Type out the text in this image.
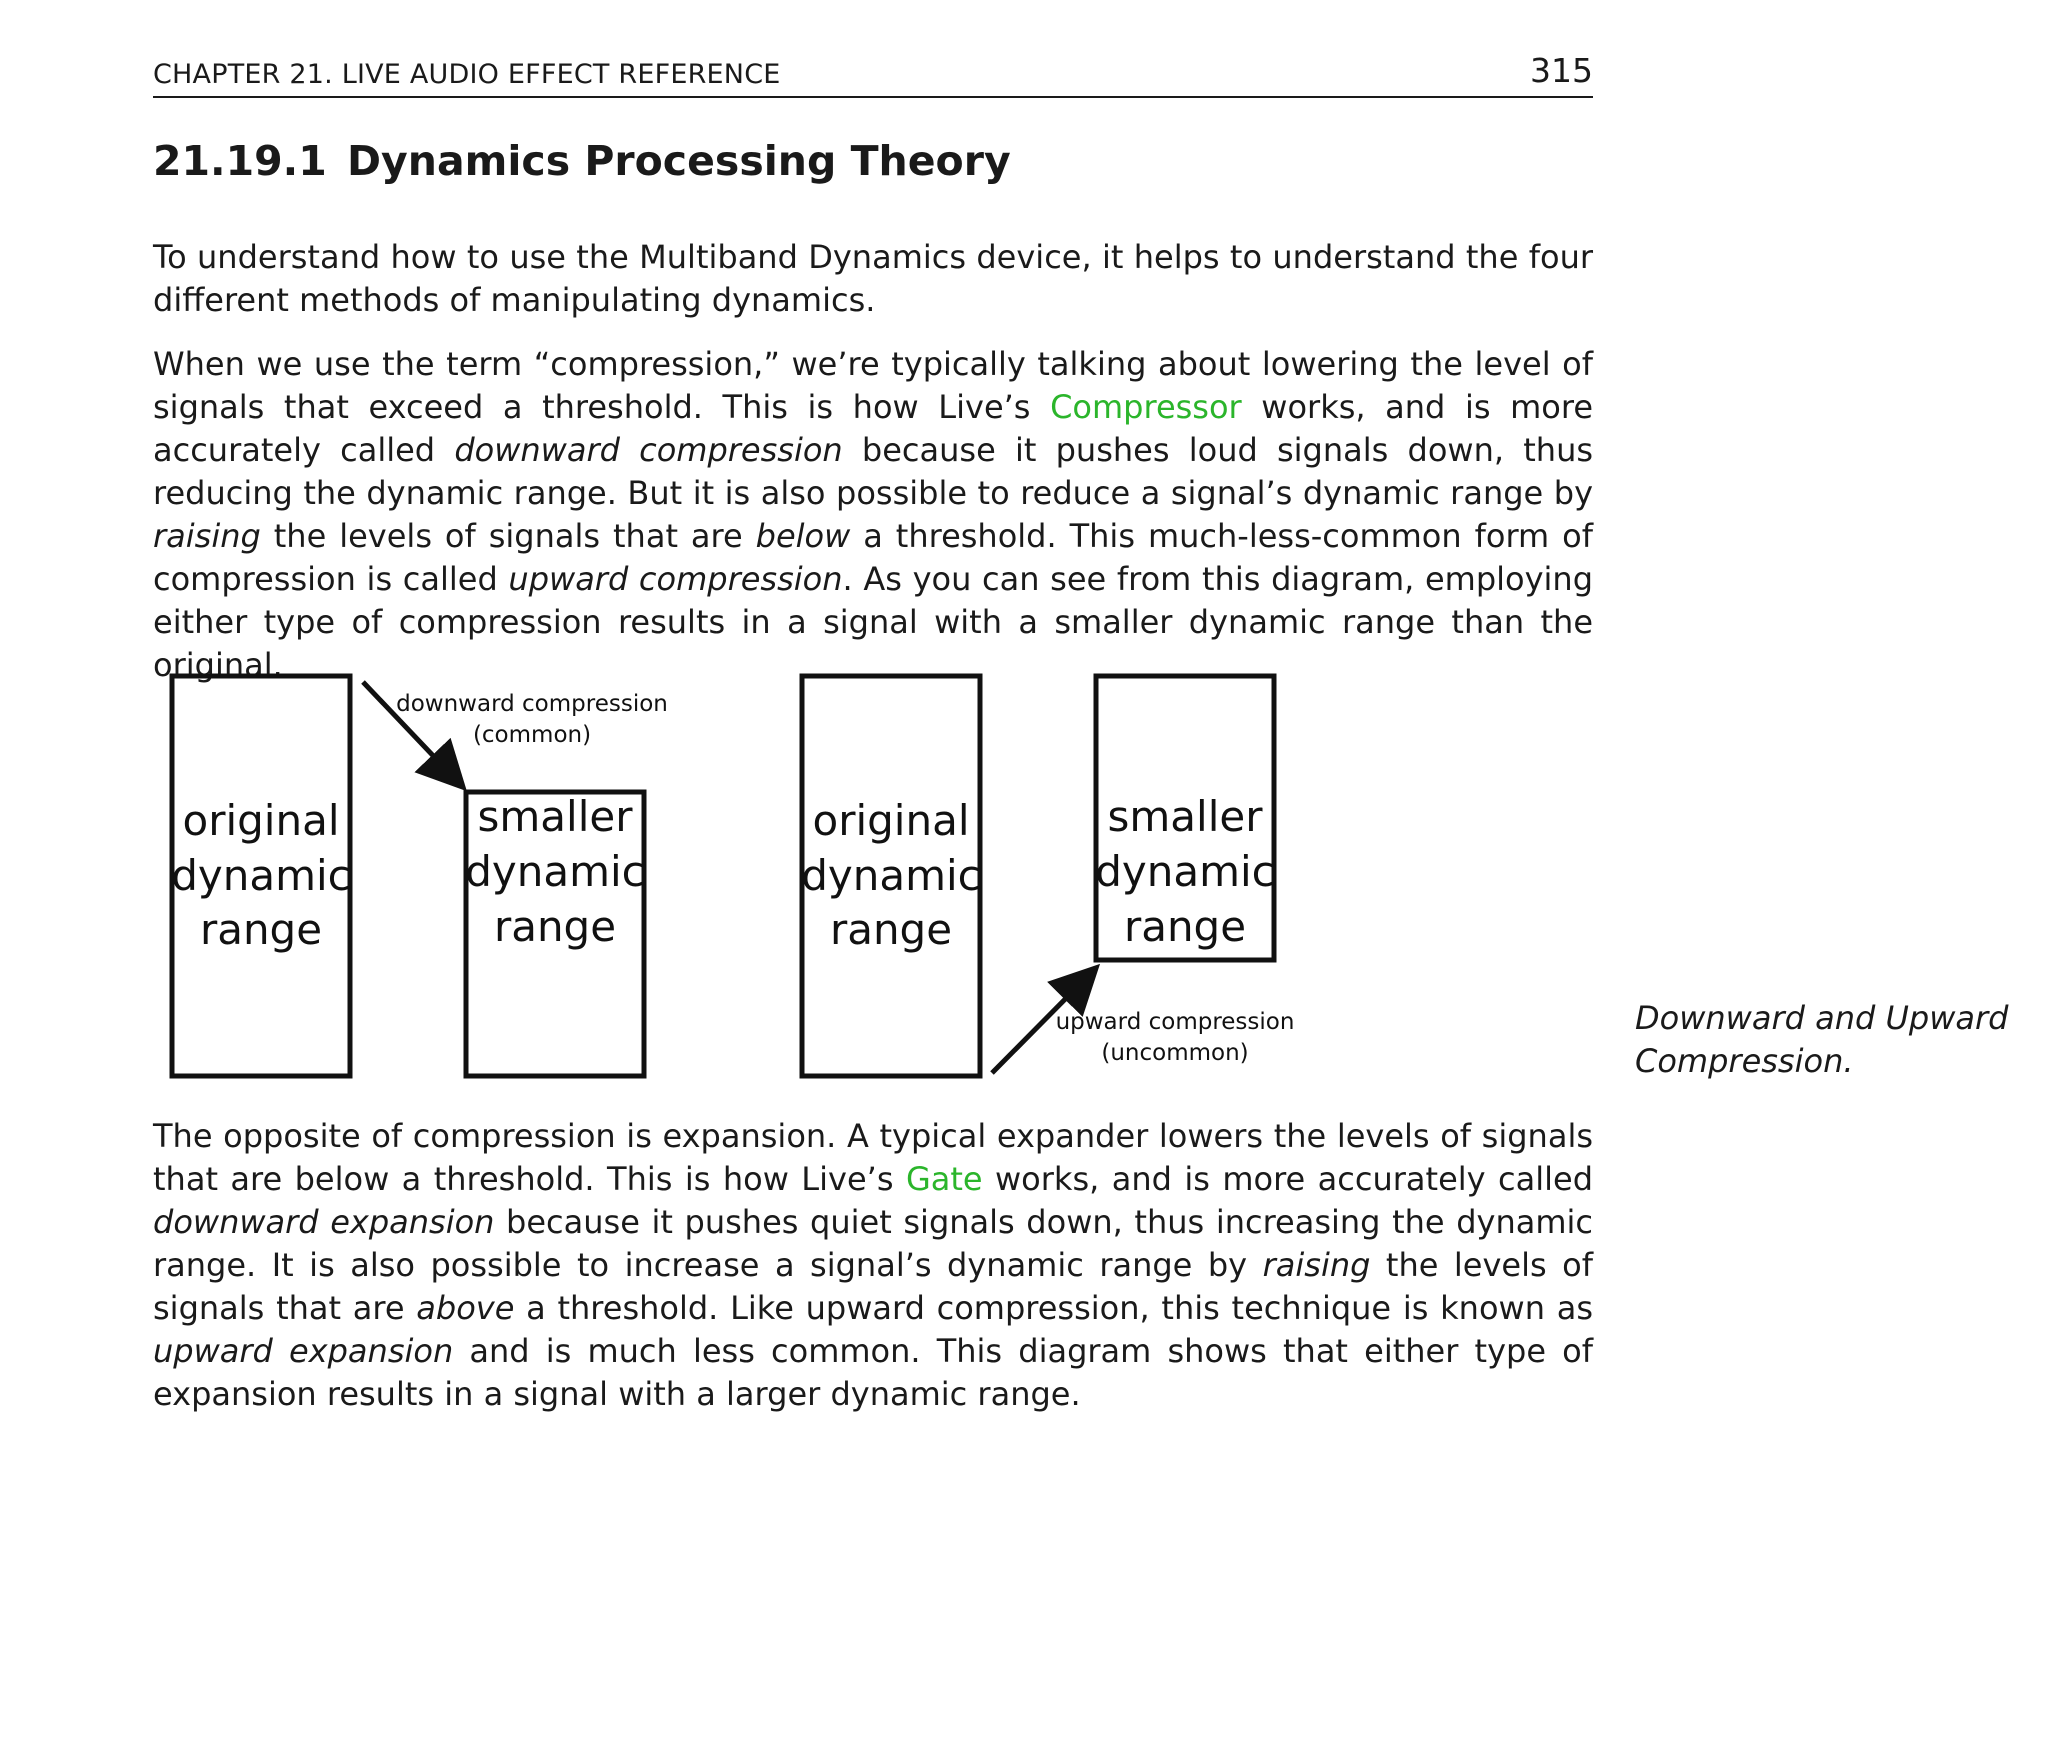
CHAPTER 21. LIVE AUDIO EFFECT REFERENCE	315
21.19.1 Dynamics Processing Theory

To understand how to use the Multiband Dynamics device, it helps to understand the four different methods of manipulating dynamics.

When we use the term “compression,” we’re typically talking about lowering the level of signals that exceed a threshold. This is how Live’s Compressor works, and is more accurately called downward compression because it pushes loud signals down, thus reducing the dynamic range. But it is also possible to reduce a signal’s dynamic range by raising the levels of signals that are below a threshold. This much-less-common form of compression is called upward compression. As you can see from this diagram, employing either type of compression results in a signal with a smaller dynamic range than the original.

original
dynamic
range
smaller
dynamic
range
downward compression
(common)
original
dynamic
range
smaller
dynamic
range
upward compression
(uncommon)

Downward and Upward
Compression.

The opposite of compression is expansion. A typical expander lowers the levels of signals that are below a threshold. This is how Live’s Gate works, and is more accurately called downward expansion because it pushes quiet signals down, thus increasing the dynamic range. It is also possible to increase a signal’s dynamic range by raising the levels of signals that are above a threshold. Like upward compression, this technique is known as upward expansion and is much less common. This diagram shows that either type of expansion results in a signal with a larger dynamic range.
